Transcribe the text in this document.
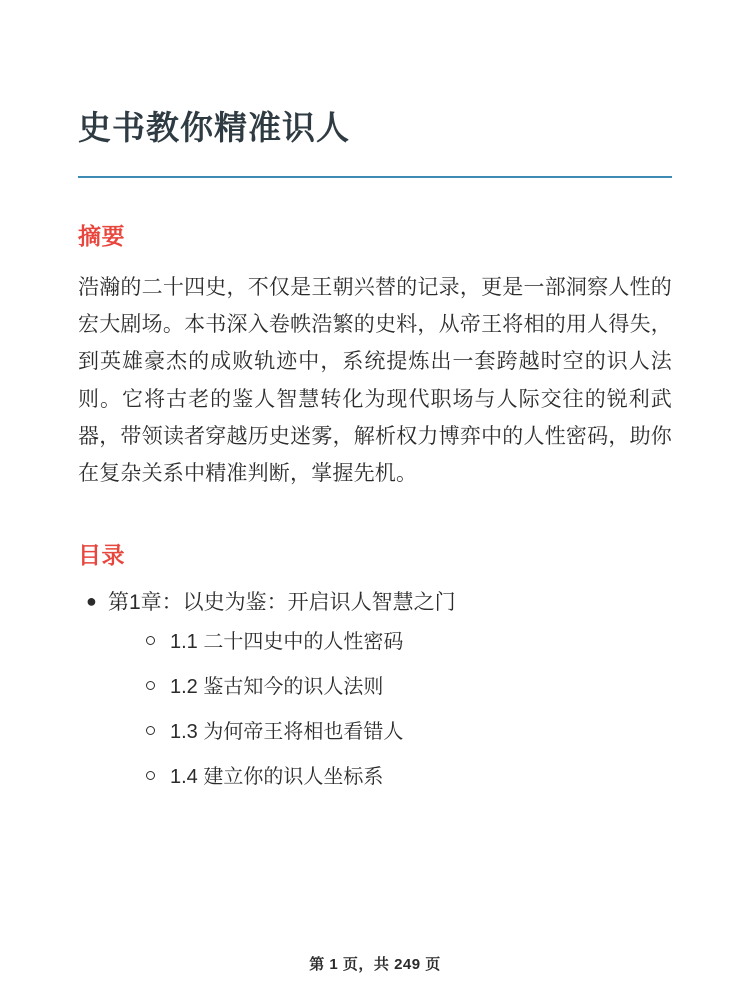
史书教你精准识人
摘要

浩瀚的二十四史，不仅是王朝兴替的记录，更是一部洞察人性的宏大剧场。本书深入卷帙浩繁的史料，从帝王将相的用人得失，到英雄豪杰的成败轨迹中，系统提炼出一套跨越时空的识人法则。它将古老的鉴人智慧转化为现代职场与人际交往的锐利武器，带领读者穿越历史迷雾，解析权力博弈中的人性密码，助你在复杂关系中精准判断，掌握先机。

目录
● 第1章：以史为鉴：开启识人智慧之门
1.1 二十四史中的人性密码
1.2 鉴古知今的识人法则
1.3 为何帝王将相也看错人
1.4 建立你的识人坐标系
第 1 页，共 249 页
